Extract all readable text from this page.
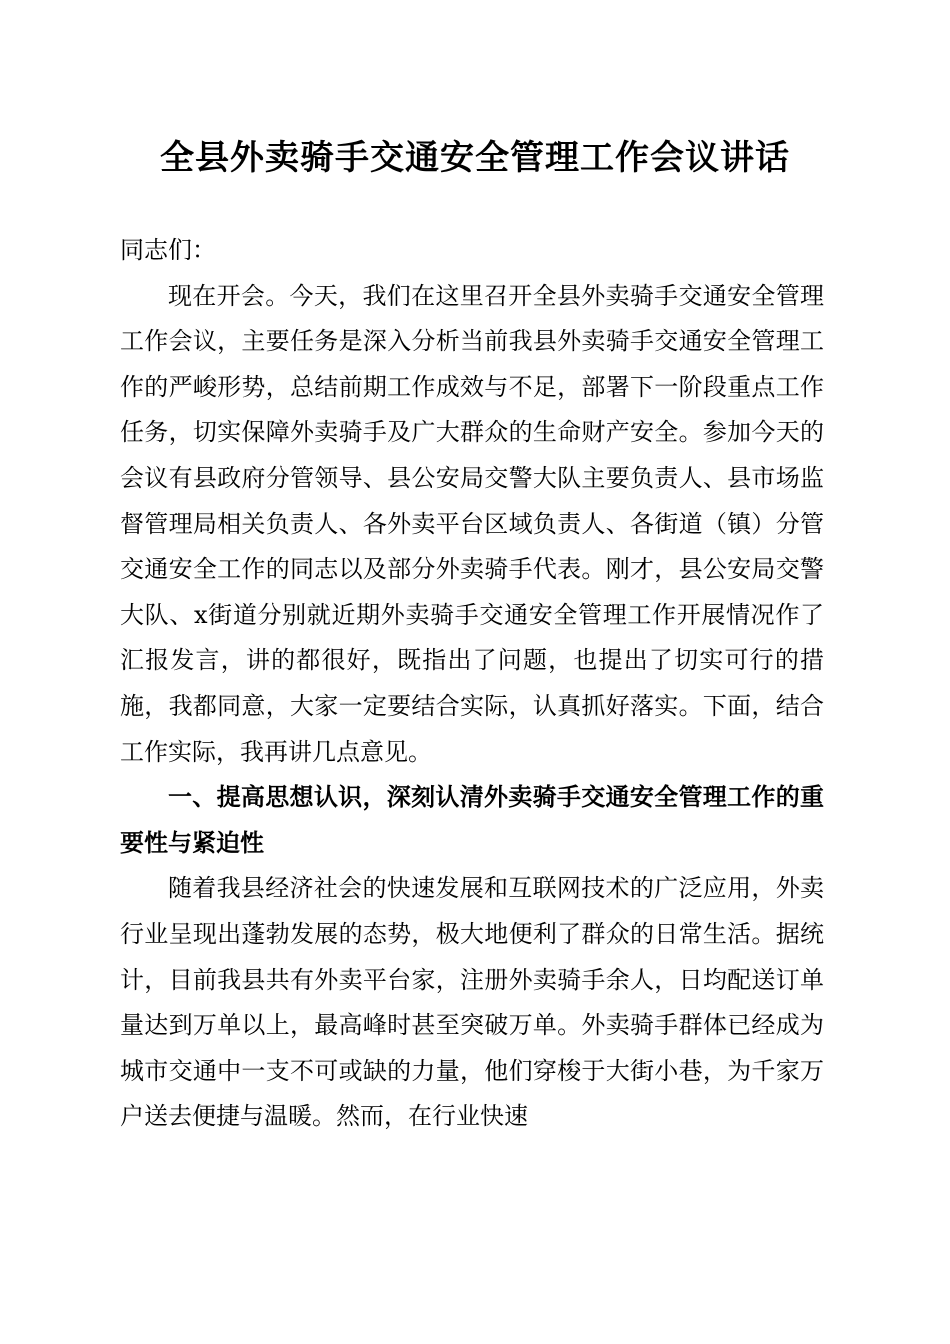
全县外卖骑手交通安全管理工作会议讲话

同志们：

现在开会。今天，我们在这里召开全县外卖骑手交通安全管理工作会议，主要任务是深入分析当前我县外卖骑手交通安全管理工作的严峻形势，总结前期工作成效与不足，部署下一阶段重点工作任务，切实保障外卖骑手及广大群众的生命财产安全。参加今天的会议有县政府分管领导、县公安局交警大队主要负责人、县市场监督管理局相关负责人、各外卖平台区域负责人、各街道（镇）分管交通安全工作的同志以及部分外卖骑手代表。刚才，县公安局交警大队、x街道分别就近期外卖骑手交通安全管理工作开展情况作了汇报发言，讲的都很好，既指出了问题，也提出了切实可行的措施，我都同意，大家一定要结合实际，认真抓好落实。下面，结合工作实际，我再讲几点意见。

一、提高思想认识，深刻认清外卖骑手交通安全管理工作的重要性与紧迫性

随着我县经济社会的快速发展和互联网技术的广泛应用，外卖行业呈现出蓬勃发展的态势，极大地便利了群众的日常生活。据统计，目前我县共有外卖平台家，注册外卖骑手余人，日均配送订单量达到万单以上，最高峰时甚至突破万单。外卖骑手群体已经成为城市交通中一支不可或缺的力量，他们穿梭于大街小巷，为千家万户送去便捷与温暖。然而，在行业快速
